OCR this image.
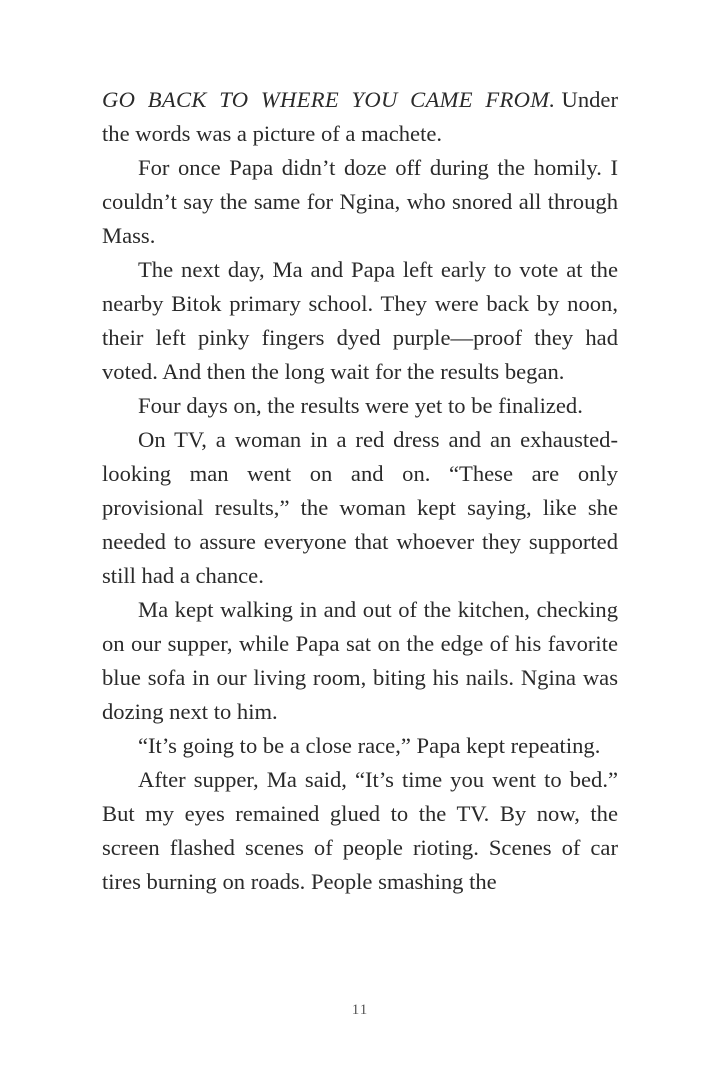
GO BACK TO WHERE YOU CAME FROM. Under the words was a picture of a machete.

For once Papa didn’t doze off during the homily. I couldn’t say the same for Ngina, who snored all through Mass.

The next day, Ma and Papa left early to vote at the nearby Bitok primary school. They were back by noon, their left pinky fingers dyed purple—proof they had voted. And then the long wait for the results began.

Four days on, the results were yet to be finalized.

On TV, a woman in a red dress and an exhausted-looking man went on and on. “These are only provisional results,” the woman kept saying, like she needed to assure everyone that whoever they supported still had a chance.

Ma kept walking in and out of the kitchen, checking on our supper, while Papa sat on the edge of his favorite blue sofa in our living room, biting his nails. Ngina was dozing next to him.

“It’s going to be a close race,” Papa kept repeating.

After supper, Ma said, “It’s time you went to bed.” But my eyes remained glued to the TV. By now, the screen flashed scenes of people rioting. Scenes of car tires burning on roads. People smashing the

11
